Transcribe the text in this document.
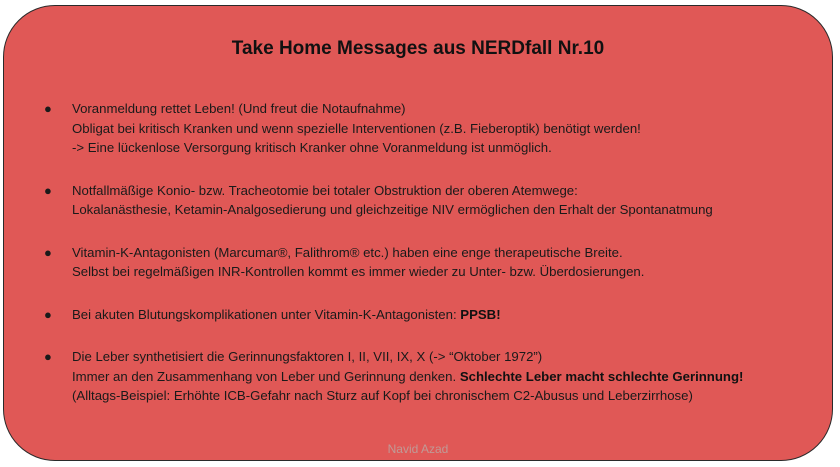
Take Home Messages aus NERDfall Nr.10
● Voranmeldung rettet Leben! (Und freut die Notaufnahme)
Obligat bei kritisch Kranken und wenn spezielle Interventionen (z.B. Fieberoptik) benötigt werden!
-> Eine lückenlose Versorgung kritisch Kranker ohne Voranmeldung ist unmöglich.
● Notfallmäßige Konio- bzw. Tracheotomie bei totaler Obstruktion der oberen Atemwege:
Lokalanästhesie, Ketamin-Analgosedierung und gleichzeitige NIV ermöglichen den Erhalt der Spontanatmung
● Vitamin-K-Antagonisten (Marcumar®, Falithrom® etc.) haben eine enge therapeutische Breite.
Selbst bei regelmäßigen INR-Kontrollen kommt es immer wieder zu Unter- bzw. Überdosierungen.
● Bei akuten Blutungskomplikationen unter Vitamin-K-Antagonisten: PPSB!
● Die Leber synthetisiert die Gerinnungsfaktoren I, II, VII, IX, X (-> “Oktober 1972”)
Immer an den Zusammenhang von Leber und Gerinnung denken. Schlechte Leber macht schlechte Gerinnung!
(Alltags-Beispiel: Erhöhte ICB-Gefahr nach Sturz auf Kopf bei chronischem C2-Abusus und Leberzirrhose)
Navid Azad
